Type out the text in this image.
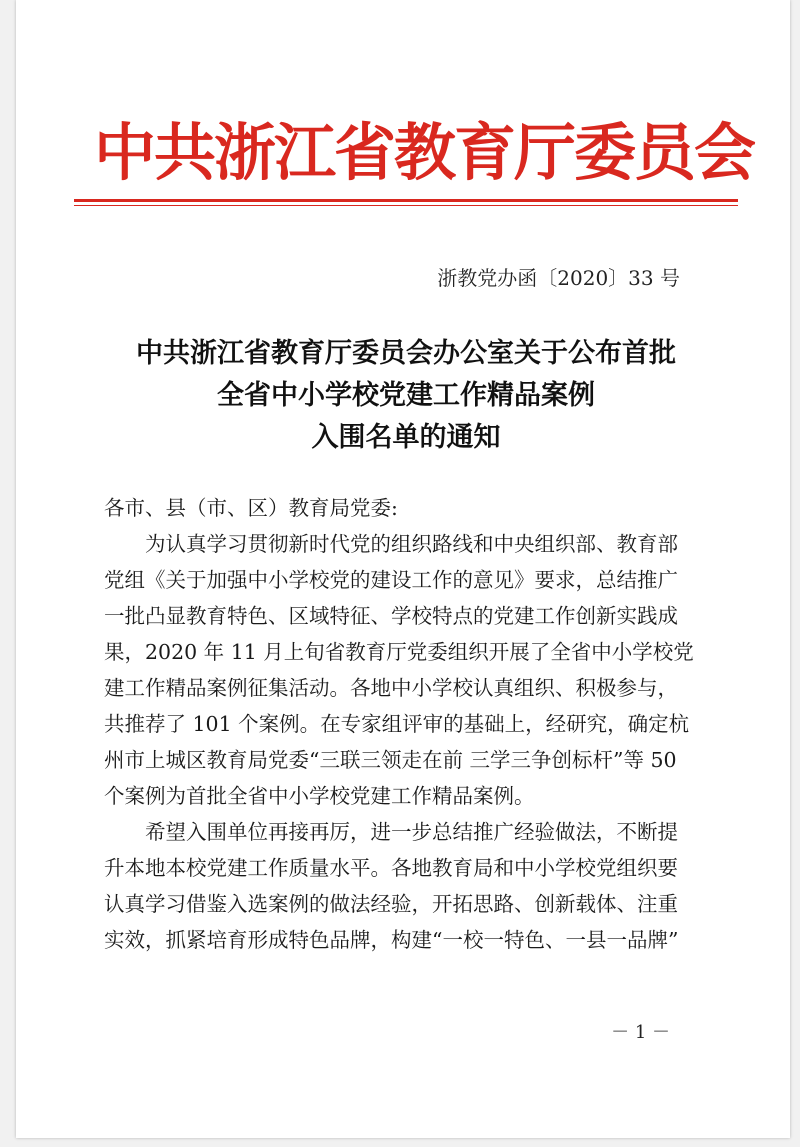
中共浙江省教育厅委员会
浙教党办函〔2020〕33 号
中共浙江省教育厅委员会办公室关于公布首批
全省中小学校党建工作精品案例
入围名单的通知
各市、县（市、区）教育局党委:
为认真学习贯彻新时代党的组织路线和中央组织部、教育部
党组《关于加强中小学校党的建设工作的意见》要求，总结推广
一批凸显教育特色、区域特征、学校特点的党建工作创新实践成
果，2020 年 11 月上旬省教育厅党委组织开展了全省中小学校党
建工作精品案例征集活动。各地中小学校认真组织、积极参与，
共推荐了 101 个案例。在专家组评审的基础上，经研究，确定杭
州市上城区教育局党委“三联三领走在前 三学三争创标杆”等 50
个案例为首批全省中小学校党建工作精品案例。
希望入围单位再接再厉，进一步总结推广经验做法，不断提
升本地本校党建工作质量水平。各地教育局和中小学校党组织要
认真学习借鉴入选案例的做法经验，开拓思路、创新载体、注重
实效，抓紧培育形成特色品牌，构建“一校一特色、一县一品牌”
－ 1 －
